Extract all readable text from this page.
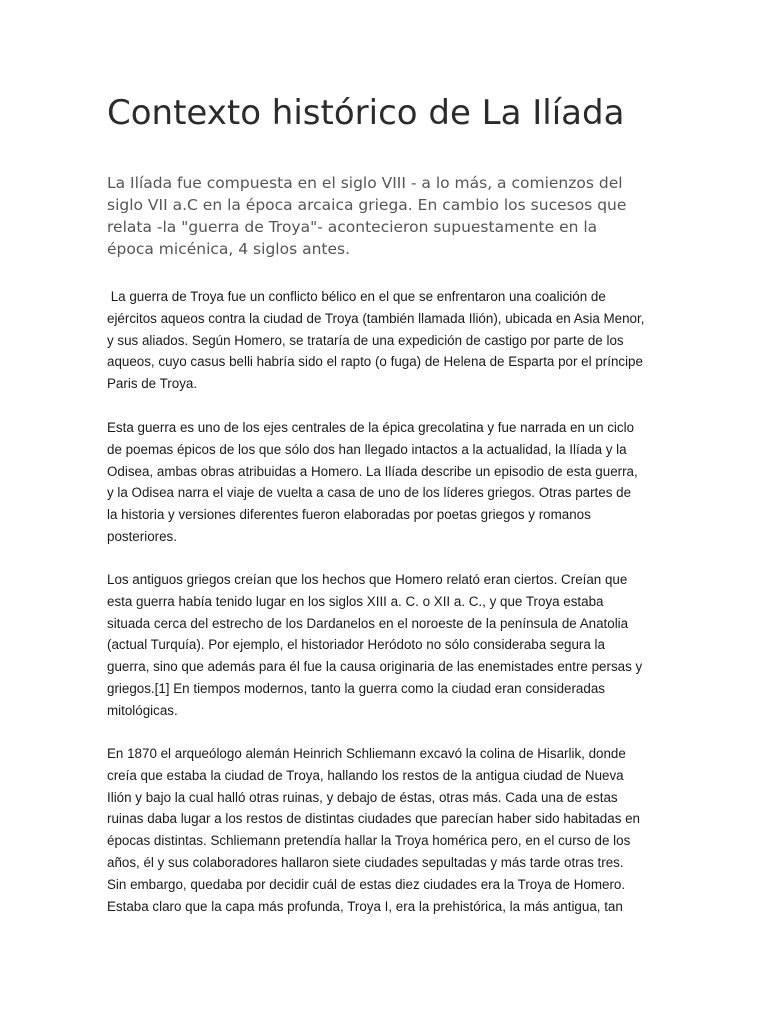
Contexto histórico de La Ilíada

La Ilíada fue compuesta en el siglo VIII - a lo más, a comienzos del
siglo VII a.C en la época arcaica griega. En cambio los sucesos que
relata -la "guerra de Troya"- acontecieron supuestamente en la
época micénica, 4 siglos antes.

La guerra de Troya fue un conflicto bélico en el que se enfrentaron una coalición de
ejércitos aqueos contra la ciudad de Troya (también llamada Ilión), ubicada en Asia Menor,
y sus aliados. Según Homero, se trataría de una expedición de castigo por parte de los
aqueos, cuyo casus belli habría sido el rapto (o fuga) de Helena de Esparta por el príncipe
Paris de Troya.

Esta guerra es uno de los ejes centrales de la épica grecolatina y fue narrada en un ciclo
de poemas épicos de los que sólo dos han llegado intactos a la actualidad, la Ilíada y la
Odisea, ambas obras atribuidas a Homero. La Ilíada describe un episodio de esta guerra,
y la Odisea narra el viaje de vuelta a casa de uno de los líderes griegos. Otras partes de
la historia y versiones diferentes fueron elaboradas por poetas griegos y romanos
posteriores.

Los antiguos griegos creían que los hechos que Homero relató eran ciertos. Creían que
esta guerra había tenido lugar en los siglos XIII a. C. o XII a. C., y que Troya estaba
situada cerca del estrecho de los Dardanelos en el noroeste de la península de Anatolia
(actual Turquía). Por ejemplo, el historiador Heródoto no sólo consideraba segura la
guerra, sino que además para él fue la causa originaria de las enemistades entre persas y
griegos.[1] En tiempos modernos, tanto la guerra como la ciudad eran consideradas
mitológicas.

En 1870 el arqueólogo alemán Heinrich Schliemann excavó la colina de Hisarlik, donde
creía que estaba la ciudad de Troya, hallando los restos de la antigua ciudad de Nueva
Ilión y bajo la cual halló otras ruinas, y debajo de éstas, otras más. Cada una de estas
ruinas daba lugar a los restos de distintas ciudades que parecían haber sido habitadas en
épocas distintas. Schliemann pretendía hallar la Troya homérica pero, en el curso de los
años, él y sus colaboradores hallaron siete ciudades sepultadas y más tarde otras tres.
Sin embargo, quedaba por decidir cuál de estas diez ciudades era la Troya de Homero.
Estaba claro que la capa más profunda, Troya I, era la prehistórica, la más antigua, tan
